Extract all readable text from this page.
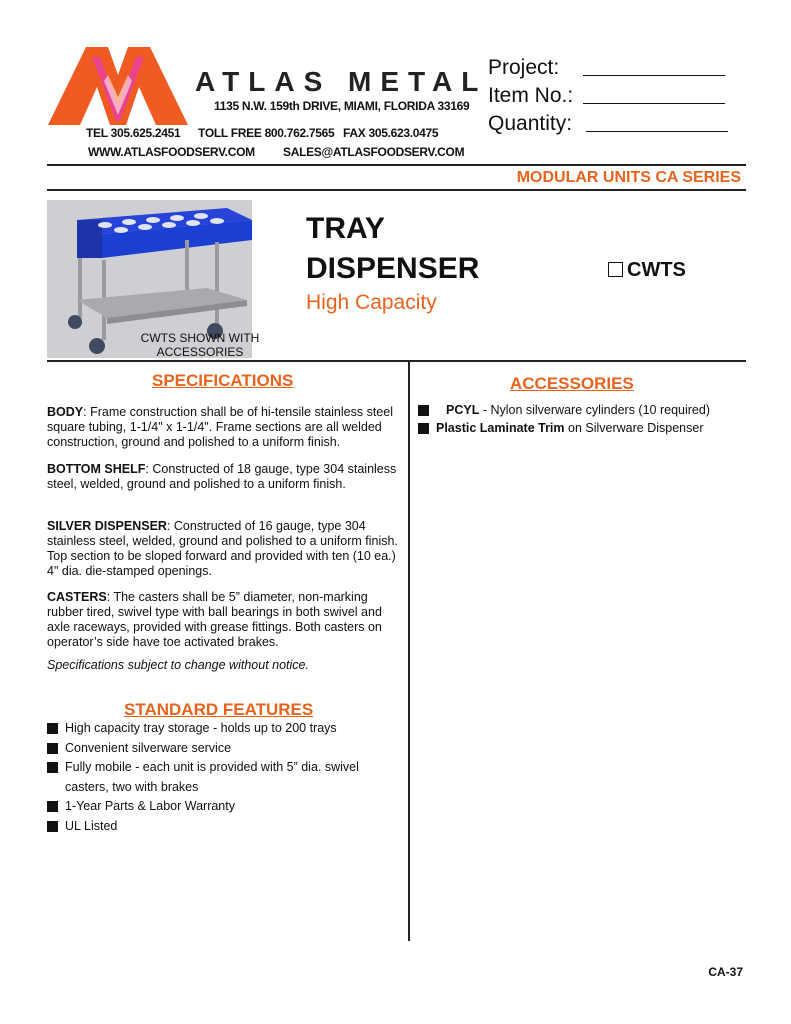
ATLAS METAL
1135 N.W. 159th DRIVE, MIAMI, FLORIDA 33169
TEL 305.625.2451 TOLL FREE 800.762.7565 FAX 305.623.0475
WWW.ATLASFOODSERV.COM SALES@ATLASFOODSERV.COM
Project:
Item No.:
Quantity:
MODULAR UNITS CA SERIES
CWTS SHOWN WITH
ACCESSORIES
TRAY
DISPENSER
High Capacity
CWTS
SPECIFICATIONS
BODY: Frame construction shall be of hi-tensile stainless steel square tubing, 1-1/4" x 1-1/4". Frame sections are all welded construction, ground and polished to a uniform finish.
BOTTOM SHELF: Constructed of 18 gauge, type 304 stainless steel, welded, ground and polished to a uniform finish.
SILVER DISPENSER: Constructed of 16 gauge, type 304 stainless steel, welded, ground and polished to a uniform finish. Top section to be sloped forward and provided with ten (10 ea.) 4" dia. die-stamped openings.
CASTERS: The casters shall be 5” diameter, non-marking rubber tired, swivel type with ball bearings in both swivel and axle raceways, provided with grease fittings. Both casters on operator’s side have toe activated brakes.
Specifications subject to change without notice.
STANDARD FEATURES
High capacity tray storage - holds up to 200 trays
Convenient silverware service
Fully mobile - each unit is provided with 5” dia. swivel casters, two with brakes
1-Year Parts & Labor Warranty
UL Listed
ACCESSORIES
PCYL - Nylon silverware cylinders (10 required)
Plastic Laminate Trim on Silverware Dispenser
CA-37
